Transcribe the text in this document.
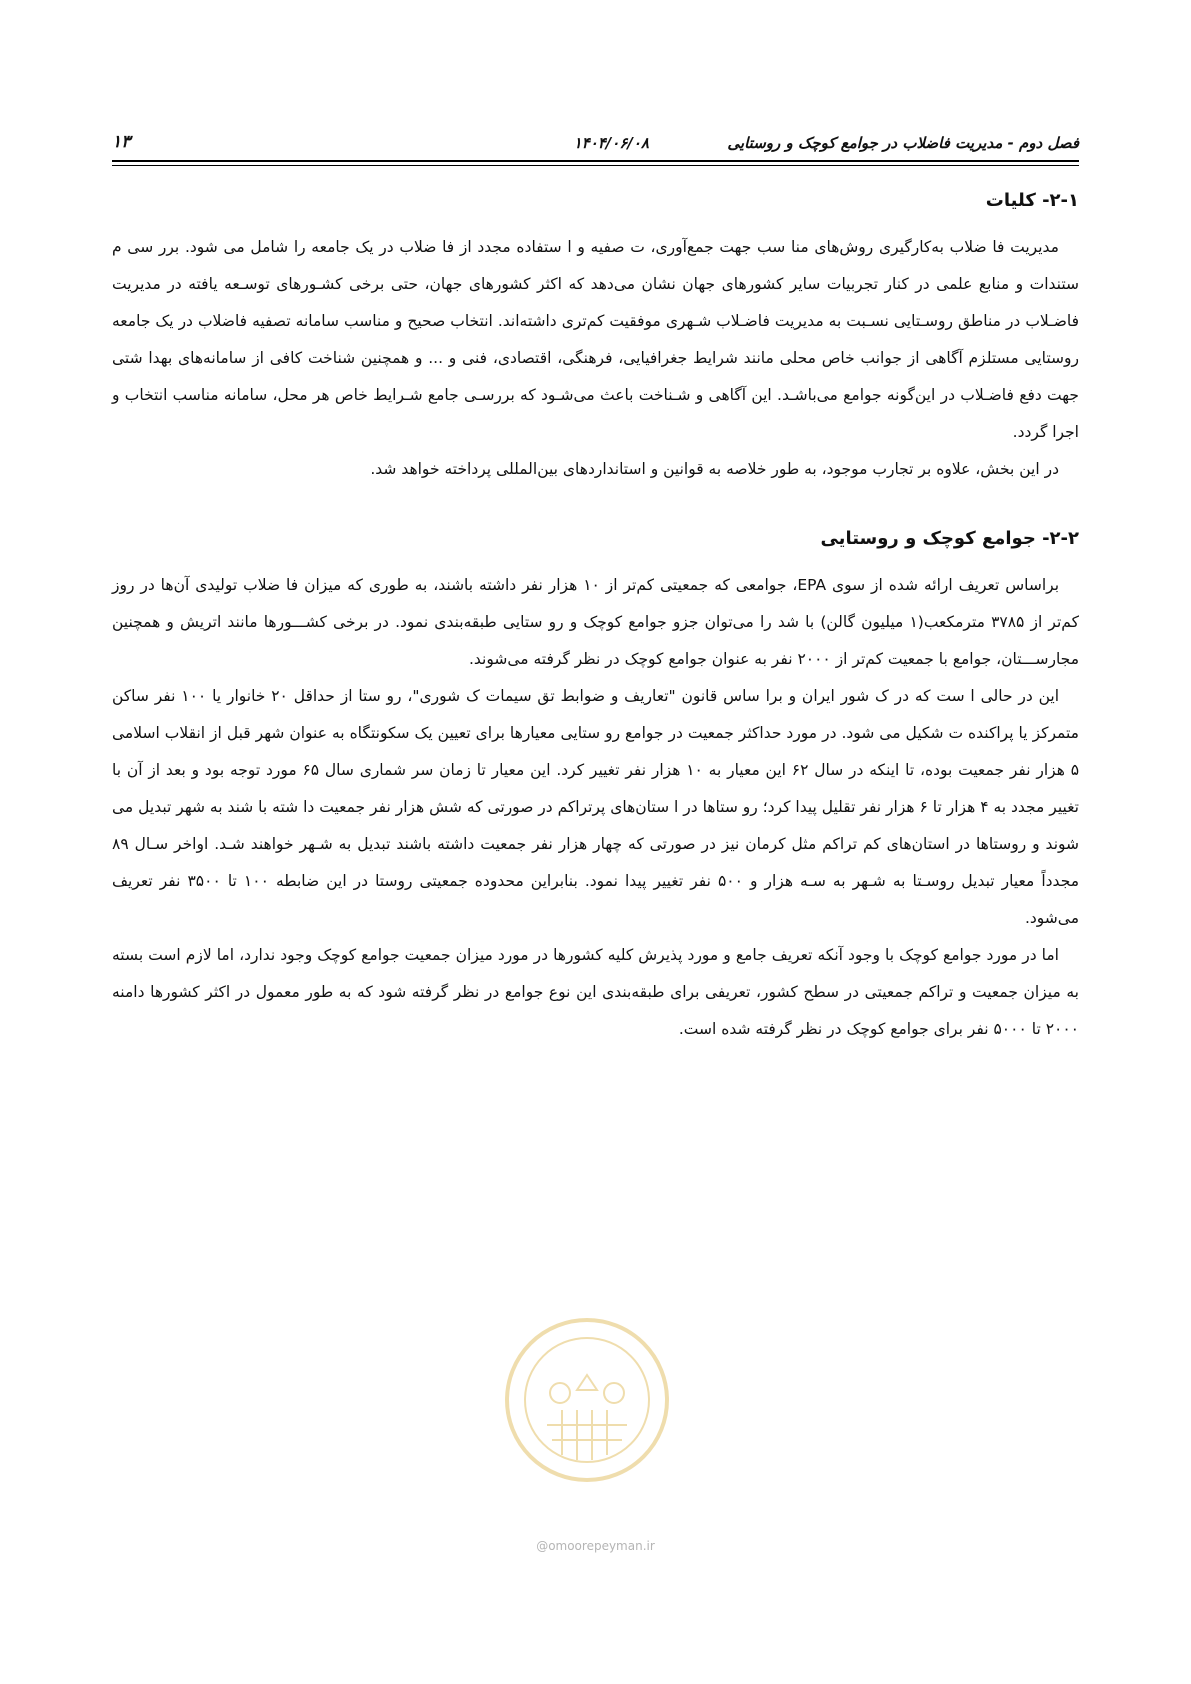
فصل دوم - مدیریت فاضلاب در جوامع کوچک و روستایی
۱۴۰۴/۰۶/۰۸
۱۳
۲-۱- کلیات

مدیریت فا ضلاب به‌کارگیری روش‌های منا سب جهت جمع‌آوری، ت صفیه و ا ستفاده مجدد از فا ضلاب در یک جامعه را شامل می شود. برر سی م ستندات و منابع علمی در کنار تجربیات سایر کشورهای جهان نشان می‌دهد که اکثر کشورهای جهان، حتی برخی کشـورهای توسـعه یافته در مدیریت فاضـلاب در مناطق روسـتایی نسـبت به مدیریت فاضـلاب شـهری موفقیت کم‌تری داشته‌اند. انتخاب صحیح و مناسب سامانه تصفیه فاضلاب در یک جامعه روستایی مستلزم آگاهی از جوانب خاص محلی مانند شرایط جغرافیایی، فرهنگی، اقتصادی، فنی و ... و همچنین شناخت کافی از سامانه‌های بهدا شتی جهت دفع فاضـلاب در این‌گونه جوامع می‌باشـد. این آگاهی و شـناخت باعث می‌شـود که بررسـی جامع شـرایط خاص هر محل، سامانه مناسب انتخاب و اجرا گردد.

در این بخش، علاوه بر تجارب موجود، به طور خلاصه به قوانین و استانداردهای بین‌المللی پرداخته خواهد شد.

۲-۲- جوامع کوچک و روستایی

براساس تعریف ارائه شده از سوی EPA، جوامعی که جمعیتی کم‌تر از ۱۰ هزار نفر داشته باشند، به طوری که میزان فا ضلاب تولیدی آن‌ها در روز کم‌تر از ۳۷۸۵ مترمکعب(۱ میلیون گالن) با شد را می‌توان جزو جوامع کوچک و رو ستایی طبقه‌بندی نمود. در برخی کشـــورها مانند اتریش و همچنین مجارســـتان، جوامع با جمعیت کم‌تر از ۲۰۰۰ نفر به عنوان جوامع کوچک در نظر گرفته می‌شوند.

این در حالی ا ست که در ک شور ایران و برا ساس قانون "تعاریف و ضوابط تق سیمات ک شوری"، رو ستا از حداقل ۲۰ خانوار یا ۱۰۰ نفر ساکن متمرکز یا پراکنده ت شکیل می شود. در مورد حداکثر جمعیت در جوامع رو ستایی معیارها برای تعیین یک سکونتگاه به عنوان شهر قبل از انقلاب اسلامی ۵ هزار نفر جمعیت بوده، تا اینکه در سال ۶۲ این معیار به ۱۰ هزار نفر تغییر کرد. این معیار تا زمان سر شماری سال ۶۵ مورد توجه بود و بعد از آن با تغییر مجدد به ۴ هزار تا ۶ هزار نفر تقلیل پیدا کرد؛ رو ستاها در ا ستان‌های پرتراکم در صورتی که شش هزار نفر جمعیت دا شته با شند به شهر تبدیل می شوند و روستاها در استان‌های کم تراکم مثل کرمان نیز در صورتی که چهار هزار نفر جمعیت داشته باشند تبدیل به شـهر خواهند شـد. اواخر سـال ۸۹ مجدداً معیار تبدیل روسـتا به شـهر به سـه هزار و ۵۰۰ نفر تغییر پیدا نمود. بنابراین محدوده جمعیتی روستا در این ضابطه ۱۰۰ تا ۳۵۰۰ نفر تعریف می‌شود.

اما در مورد جوامع کوچک با وجود آنکه تعریف جامع و مورد پذیرش کلیه کشورها در مورد میزان جمعیت جوامع کوچک وجود ندارد، اما لازم است بسته به میزان جمعیت و تراکم جمعیتی در سطح کشور، تعریفی برای طبقه‌بندی این نوع جوامع در نظر گرفته شود که به طور معمول در اکثر کشورها دامنه ۲۰۰۰ تا ۵۰۰۰ نفر برای جوامع کوچک در نظر گرفته شده است.

@omoorepeyman.ir
